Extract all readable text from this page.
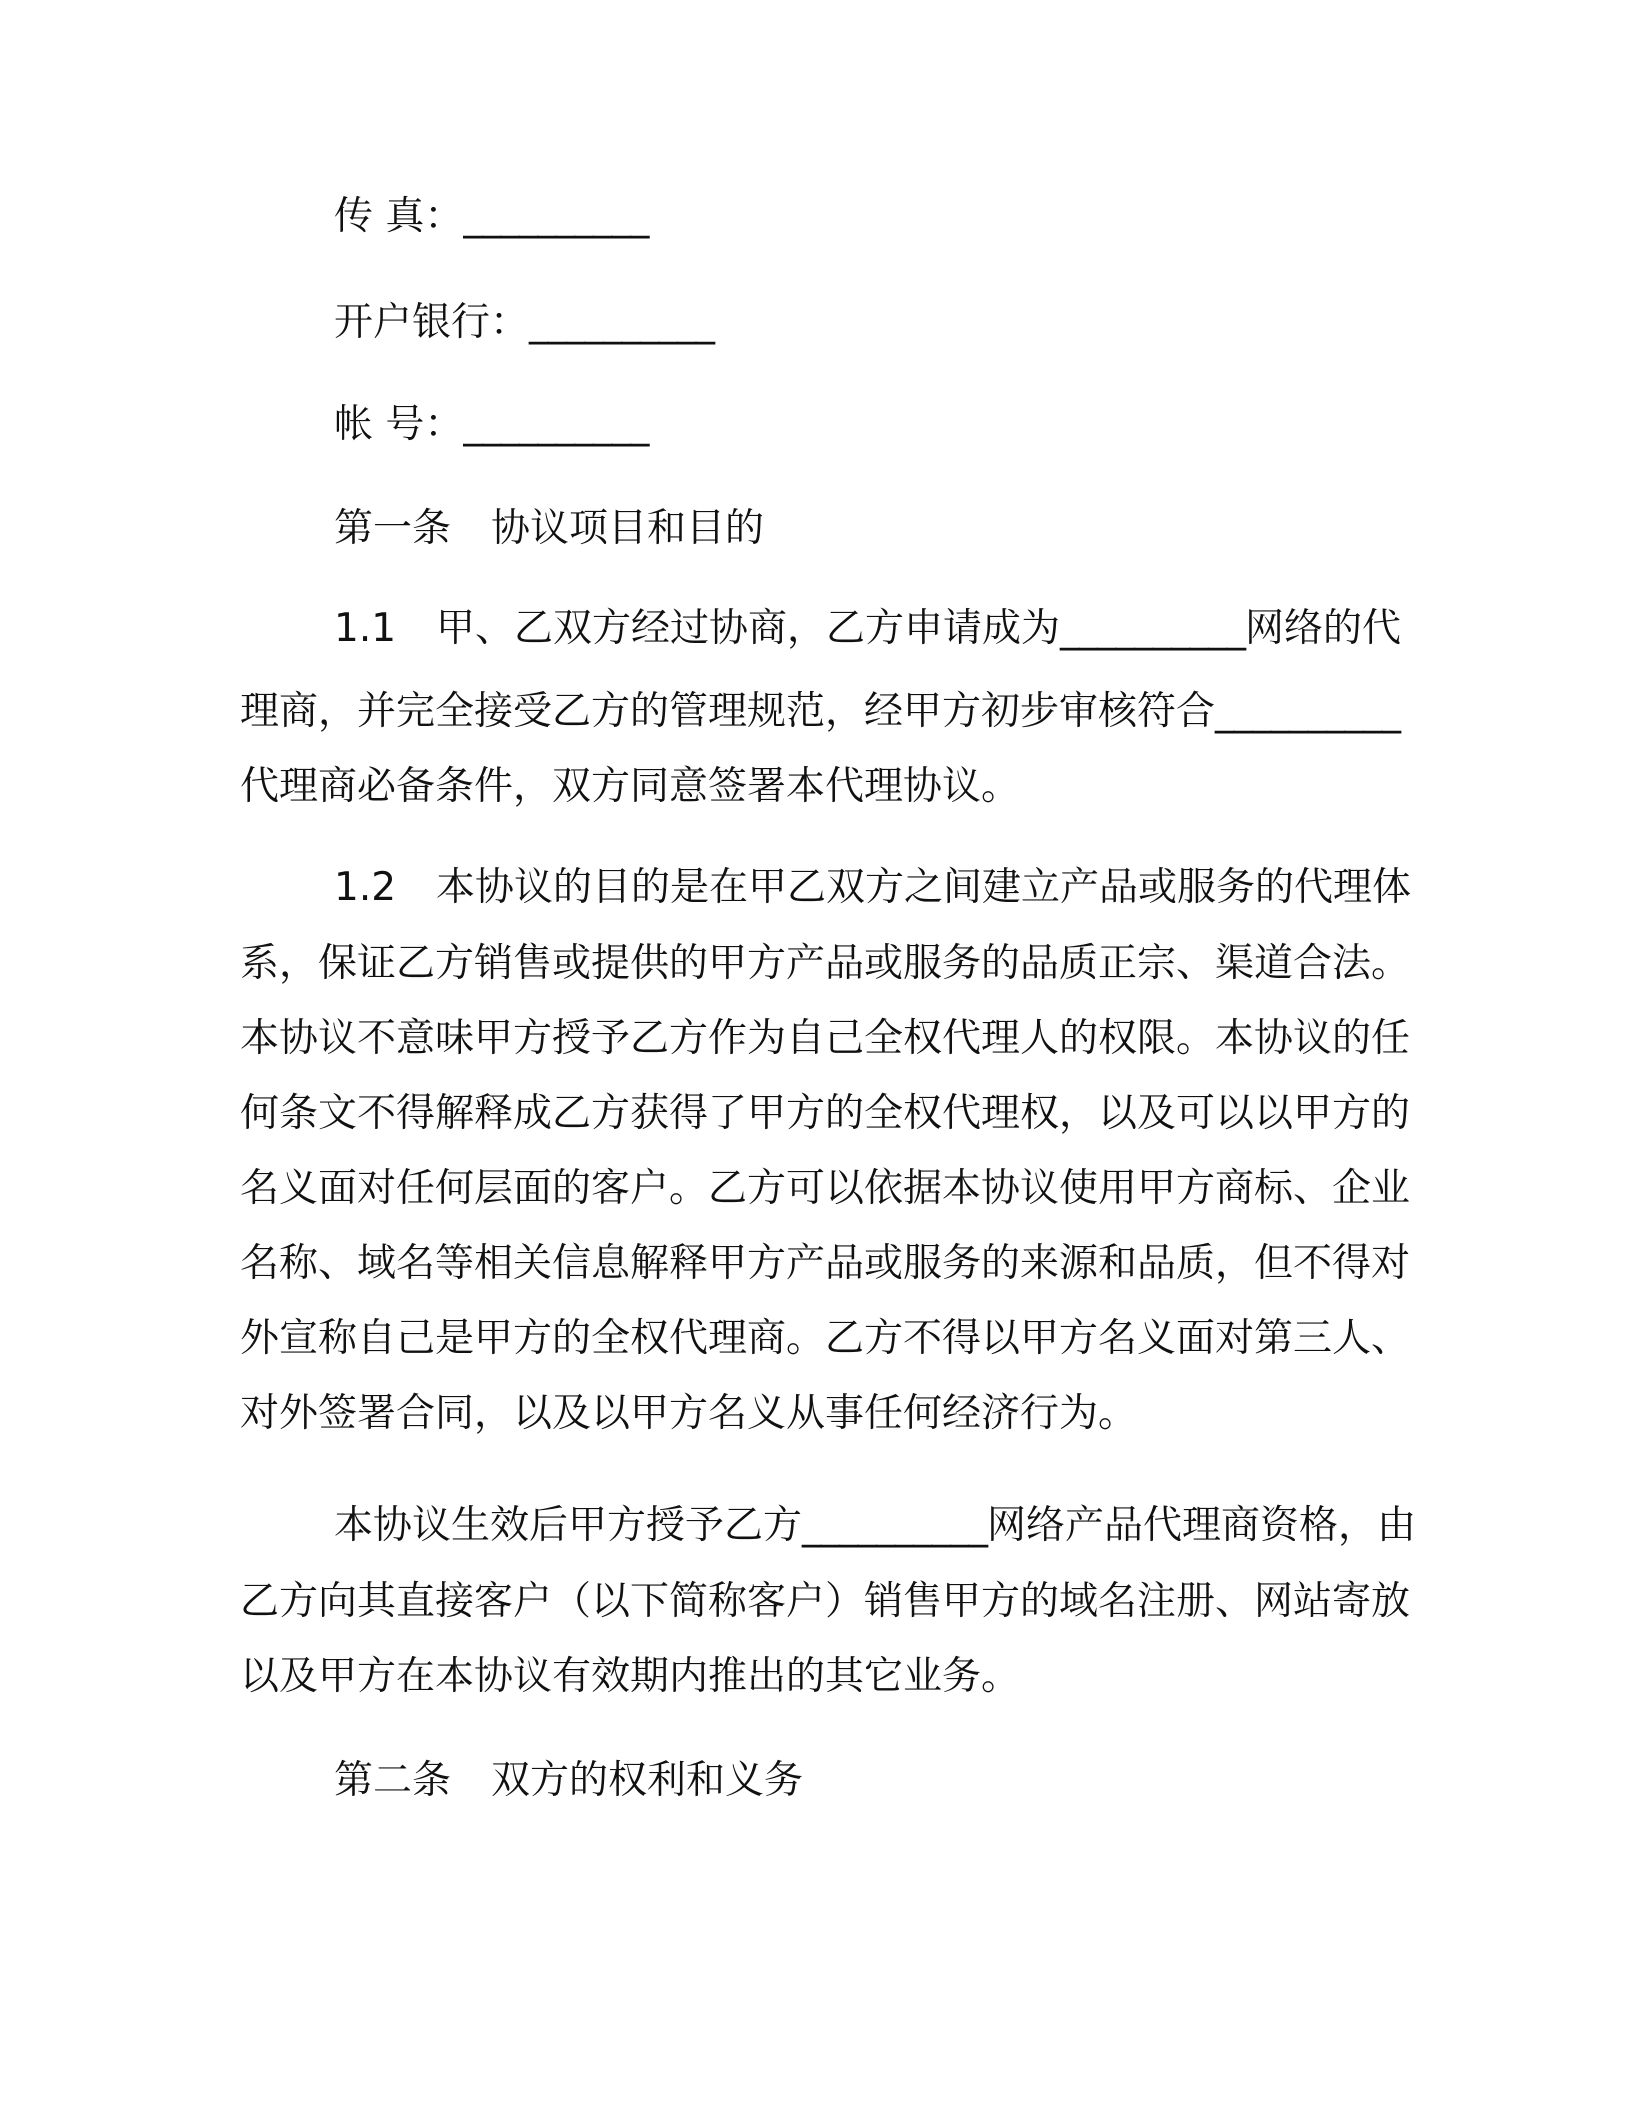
传 真：__________
开户银行：__________
帐 号：__________
第一条 协议项目和目的
1.1 甲、乙双方经过协商，乙方申请成为__________网络的代
理商，并完全接受乙方的管理规范，经甲方初步审核符合__________
代理商必备条件，双方同意签署本代理协议。
1.2 本协议的目的是在甲乙双方之间建立产品或服务的代理体
系，保证乙方销售或提供的甲方产品或服务的品质正宗、渠道合法。
本协议不意味甲方授予乙方作为自己全权代理人的权限。本协议的任
何条文不得解释成乙方获得了甲方的全权代理权，以及可以以甲方的
名义面对任何层面的客户。乙方可以依据本协议使用甲方商标、企业
名称、域名等相关信息解释甲方产品或服务的来源和品质，但不得对
外宣称自己是甲方的全权代理商。乙方不得以甲方名义面对第三人、
对外签署合同，以及以甲方名义从事任何经济行为。
本协议生效后甲方授予乙方__________网络产品代理商资格，由
乙方向其直接客户（以下简称客户）销售甲方的域名注册、网站寄放
以及甲方在本协议有效期内推出的其它业务。
第二条 双方的权利和义务
